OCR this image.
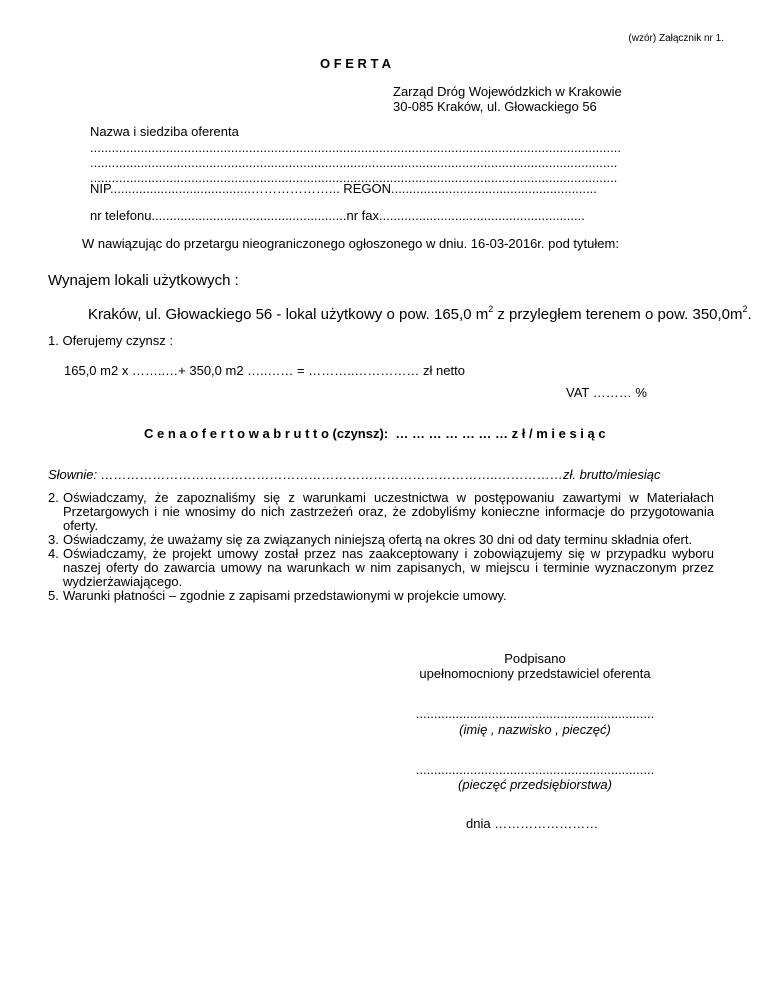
(wzór) Załącznik nr 1.
O F E R T A
Zarząd Dróg Wojewódzkich w Krakowie
30-085 Kraków, ul. Głowackiego 56
Nazwa i siedziba oferenta
...................................................................................................................................................
..................................................................................................................................................
..................................................................................................................................................
NIP.......................................………………... REGON.........................................................
nr telefonu......................................................nr fax.........................................................
W nawiązując do przetargu nieograniczonego ogłoszonego w dniu. 16-03-2016r. pod tytułem:
Wynajem lokali użytkowych :
Kraków, ul. Głowackiego 56 - lokal użytkowy o pow. 165,0 $m^2$ z przyległem terenem o pow. $350,0m^2$.
1. Oferujemy czynsz :
165,0 m2 x ……..…+ 350,0 m2 …..…… = ………..…………… zł netto
VAT ……… %
C e n a o f e r t o w a b r u t t o (czynsz): … … … … … … … z ł / m i e s i ą c
Słownie: ………………………………………………………………………………..……………zł. brutto/miesiąc
2. Oświadczamy, że zapoznaliśmy się z warunkami uczestnictwa w postępowaniu zawartymi w Materiałach Przetargowych i nie wnosimy do nich zastrzeżeń oraz, że zdobyliśmy konieczne informacje do przygotowania oferty.
3. Oświadczamy, że uważamy się za związanych niniejszą ofertą na okres 30 dni od daty terminu składnia ofert.
4. Oświadczamy, że projekt umowy został przez nas zaakceptowany i zobowiązujemy się w przypadku wyboru naszej oferty do zawarcia umowy na warunkach w nim zapisanych, w miejscu i terminie wyznaczonym przez wydzierżawiającego.
5. Warunki płatności – zgodnie z zapisami przedstawionymi w projekcie umowy.
Podpisano
upełnomocniony przedstawiciel oferenta
..................................................................
(imię , nazwisko , pieczęć)
..................................................................
(pieczęć przedsiębiorstwa)
dnia ……………………
